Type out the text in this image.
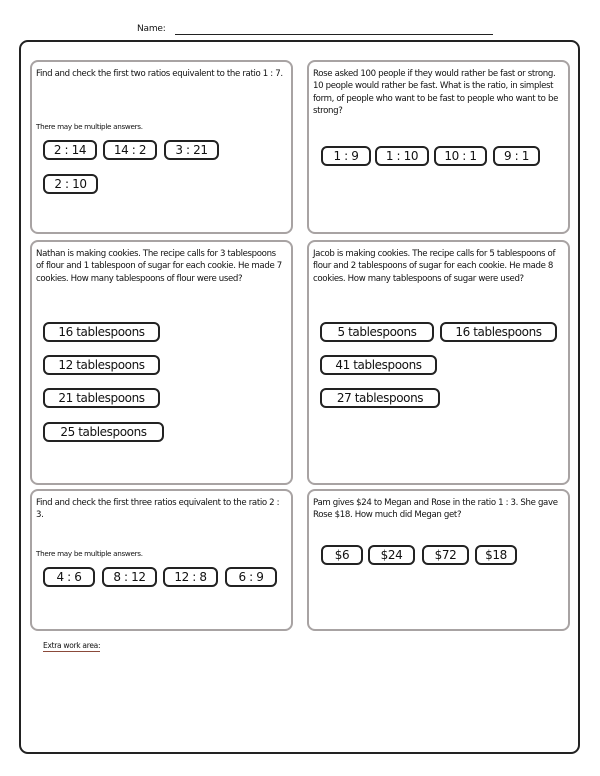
Name:
Find and check the first two ratios equivalent to the ratio 1 : 7.
There may be multiple answers.
2 : 14	14 : 2	3 : 21
2 : 10
Rose asked 100 people if they would rather be fast or strong. 10 people would rather be fast. What is the ratio, in simplest form, of people who want to be fast to people who want to be strong?
1 : 9	1 : 10	10 : 1	9 : 1
Nathan is making cookies. The recipe calls for 3 tablespoons of flour and 1 tablespoon of sugar for each cookie. He made 7 cookies. How many tablespoons of flour were used?
16 tablespoons
12 tablespoons
21 tablespoons
25 tablespoons
Jacob is making cookies. The recipe calls for 5 tablespoons of flour and 2 tablespoons of sugar for each cookie. He made 8 cookies. How many tablespoons of sugar were used?
5 tablespoons	16 tablespoons
41 tablespoons
27 tablespoons
Find and check the first three ratios equivalent to the ratio 2 : 3.
There may be multiple answers.
4 : 6	8 : 12	12 : 8	6 : 9
Pam gives $24 to Megan and Rose in the ratio 1 : 3. She gave Rose $18. How much did Megan get?
$6	$24	$72	$18
Extra work area:
